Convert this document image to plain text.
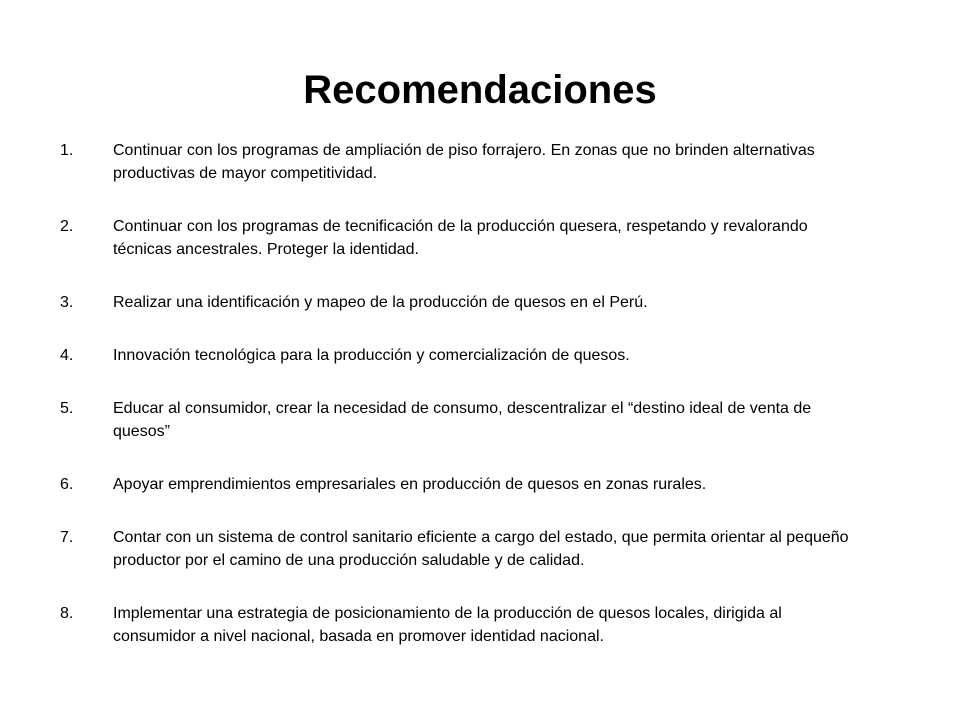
Recomendaciones
1.	Continuar con los programas de ampliación de piso forrajero. En zonas que no brinden alternativas productivas de mayor competitividad.
2.	Continuar con los programas de tecnificación de la producción quesera, respetando y revalorando técnicas ancestrales. Proteger la identidad.
3.	Realizar una identificación y mapeo de la producción de quesos en el Perú.
4.	Innovación tecnológica para la producción y comercialización de quesos.
5.	Educar al consumidor, crear la necesidad de consumo, descentralizar el “destino ideal de venta de quesos”
6.	Apoyar emprendimientos empresariales en producción de quesos en zonas rurales.
7.	Contar con un sistema de control sanitario eficiente a cargo del estado, que permita orientar al pequeño productor por el camino de una producción saludable y de calidad.
8.	Implementar una estrategia de posicionamiento de la producción de quesos locales, dirigida al consumidor a nivel nacional, basada en promover identidad nacional.
